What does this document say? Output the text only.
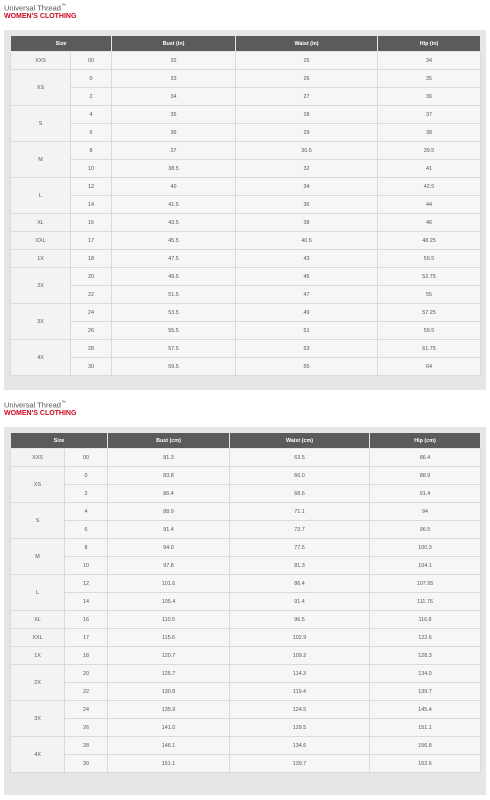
Universal Thread™
WOMEN'S CLOTHING
Size		Bust (in)	Waist (in)	Hip (in)
XXS	00	32	25	34
XS	0	33	26	35
	2	34	27	36
S	4	35	28	37
	6	36	29	38
M	8	37	30.5	39.5
	10	38.5	32	41
L	12	40	34	42.5
	14	41.5	36	44
XL	16	43.5	38	46
XXL	17	45.5	40.5	48.25
1X	18	47.5	43	50.5
2X	20	49.5	45	52.75
	22	51.5	47	55
3X	24	53.5	49	57.25
	26	55.5	51	59.5
4X	28	57.5	53	61.75
	30	59.5	55	64
Universal Thread™
WOMEN'S CLOTHING
Size		Bust (cm)	Waist (cm)	Hip (cm)
XXS	00	81.3	63.5	86.4
XS	0	83.8	66.0	88.9
	2	86.4	68.6	91.4
S	4	88.9	71.1	94
	6	91.4	73.7	96.5
M	8	94.0	77.5	100.3
	10	97.8	81.3	104.1
L	12	101.6	86.4	107.95
	14	105.4	91.4	111.76
XL	16	110.5	96.5	116.8
XXL	17	115.6	102.9	122.6
1X	18	120.7	109.2	128.3
2X	20	125.7	114.3	134.0
	22	130.8	119.4	139.7
3X	24	135.9	124.5	145.4
	26	141.0	129.5	151.1
4X	28	146.1	134.6	156.8
	30	151.1	139.7	162.6
